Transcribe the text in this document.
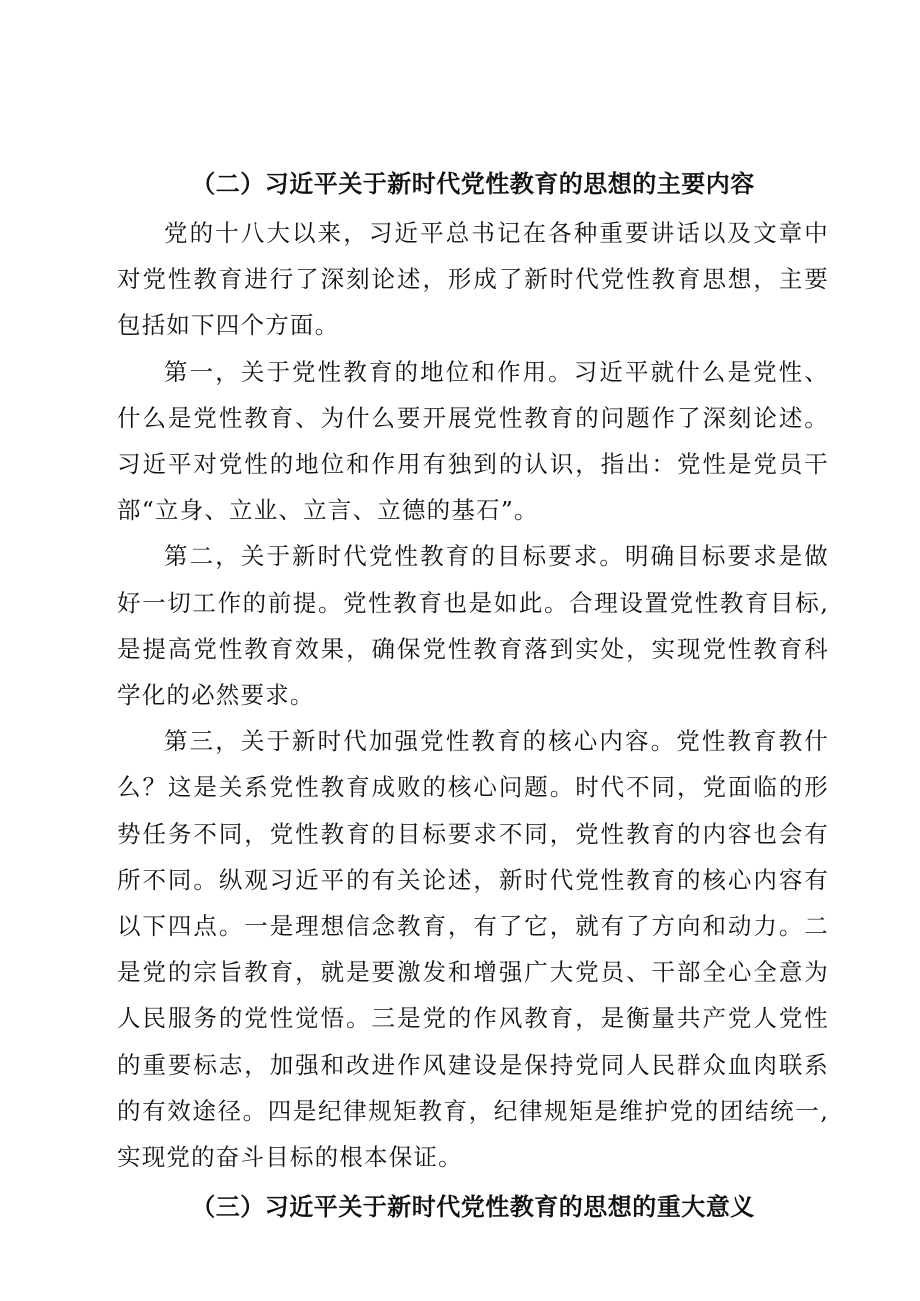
（二）习近平关于新时代党性教育的思想的主要内容

党的十八大以来，习近平总书记在各种重要讲话以及文章中对党性教育进行了深刻论述，形成了新时代党性教育思想，主要包括如下四个方面。

第一，关于党性教育的地位和作用。习近平就什么是党性、什么是党性教育、为什么要开展党性教育的问题作了深刻论述。习近平对党性的地位和作用有独到的认识，指出：党性是党员干部“立身、立业、立言、立德的基石”。

第二，关于新时代党性教育的目标要求。明确目标要求是做好一切工作的前提。党性教育也是如此。合理设置党性教育目标,是提高党性教育效果，确保党性教育落到实处，实现党性教育科学化的必然要求。

第三，关于新时代加强党性教育的核心内容。党性教育教什么？这是关系党性教育成败的核心问题。时代不同，党面临的形势任务不同，党性教育的目标要求不同，党性教育的内容也会有所不同。纵观习近平的有关论述，新时代党性教育的核心内容有以下四点。一是理想信念教育，有了它，就有了方向和动力。二是党的宗旨教育，就是要激发和增强广大党员、干部全心全意为人民服务的党性觉悟。三是党的作风教育，是衡量共产党人党性的重要标志，加强和改进作风建设是保持党同人民群众血肉联系的有效途径。四是纪律规矩教育，纪律规矩是维护党的团结统一,实现党的奋斗目标的根本保证。

（三）习近平关于新时代党性教育的思想的重大意义
